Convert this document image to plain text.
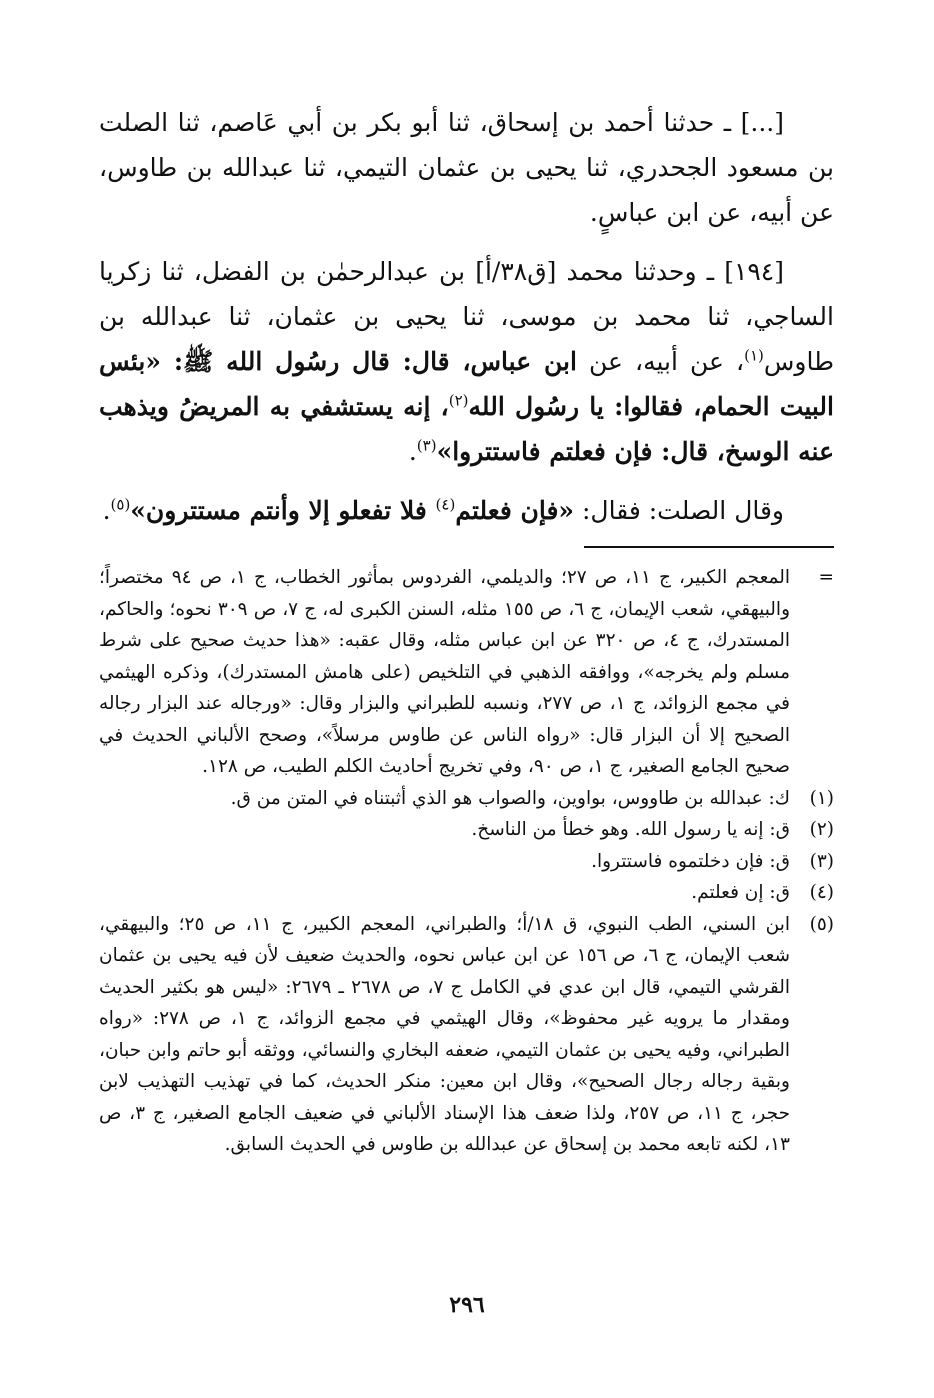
[...] ـ حدثنا أحمد بن إسحاق، ثنا أبو بكر بن أبي عَاصم، ثنا الصلت بن مسعود الجحدري، ثنا يحيى بن عثمان التيمي، ثنا عبدالله بن طاوس، عن أبيه، عن ابن عباسٍ.

[١٩٤] ـ وحدثنا محمد [ق٣٨/أ] بن عبدالرحمٰن بن الفضل، ثنا زكريا الساجي، ثنا محمد بن موسى، ثنا يحيى بن عثمان، ثنا عبدالله بن طاوس$^{(١)}$، عن أبيه، عن ابن عباس، قال: قال رسُول الله ﷺ: «بئس البيت الحمام، فقالوا: يا رسُول الله$^{(٢)}$، إنه يستشفي به المريضُ ويذهب عنه الوسخ، قال: فإن فعلتم فاستتروا»$^{(٣)}$.

وقال الصلت: فقال: «فإن فعلتم$^{(٤)}$ فلا تفعلو إلا وأنتم مستترون»$^{(٥)}$.

=
المعجم الكبير، ج ١١، ص ٢٧؛ والديلمي، الفردوس بمأثور الخطاب، ج ١، ص ٩٤ مختصراً؛ والبيهقي، شعب الإيمان، ج ٦، ص ١٥٥ مثله، السنن الكبرى له، ج ٧، ص ٣٠٩ نحوه؛ والحاكم، المستدرك، ج ٤، ص ٣٢٠ عن ابن عباس مثله، وقال عقبه: «هذا حديث صحيح على شرط مسلم ولم يخرجه»، ووافقه الذهبي في التلخيص (على هامش المستدرك)، وذكره الهيثمي في مجمع الزوائد، ج ١، ص ٢٧٧، ونسبه للطبراني والبزار وقال: «ورجاله عند البزار رجاله الصحيح إلا أن البزار قال: «رواه الناس عن طاوس مرسلاً»، وصحح الألباني الحديث في صحيح الجامع الصغير، ج ١، ص ٩٠، وفي تخريج أحاديث الكلم الطيب، ص ١٢٨.
(١)
ك: عبدالله بن طاووس، بواوين، والصواب هو الذي أثبتناه في المتن من ق.
(٢)
ق: إنه يا رسول الله. وهو خطأ من الناسخ.
(٣)
ق: فإن دخلتموه فاستتروا.
(٤)
ق: إن فعلتم.
(٥)
ابن السني، الطب النبوي، ق ١٨/أ؛ والطبراني، المعجم الكبير، ج ١١، ص ٢٥؛ والبيهقي، شعب الإيمان، ج ٦، ص ١٥٦ عن ابن عباس نحوه، والحديث ضعيف لأن فيه يحيى بن عثمان القرشي التيمي، قال ابن عدي في الكامل ج ٧، ص ٢٦٧٨ ـ ٢٦٧٩: «ليس هو بكثير الحديث ومقدار ما يرويه غير محفوظ»، وقال الهيثمي في مجمع الزوائد، ج ١، ص ٢٧٨: «رواه الطبراني، وفيه يحيى بن عثمان التيمي، ضعفه البخاري والنسائي، ووثقه أبو حاتم وابن حبان، وبقية رجاله رجال الصحيح»، وقال ابن معين: منكر الحديث، كما في تهذيب التهذيب لابن حجر، ج ١١، ص ٢٥٧، ولذا ضعف هذا الإسناد الألباني في ضعيف الجامع الصغير، ج ٣، ص ١٣، لكنه تابعه محمد بن إسحاق عن عبدالله بن طاوس في الحديث السابق.
٢٩٦
